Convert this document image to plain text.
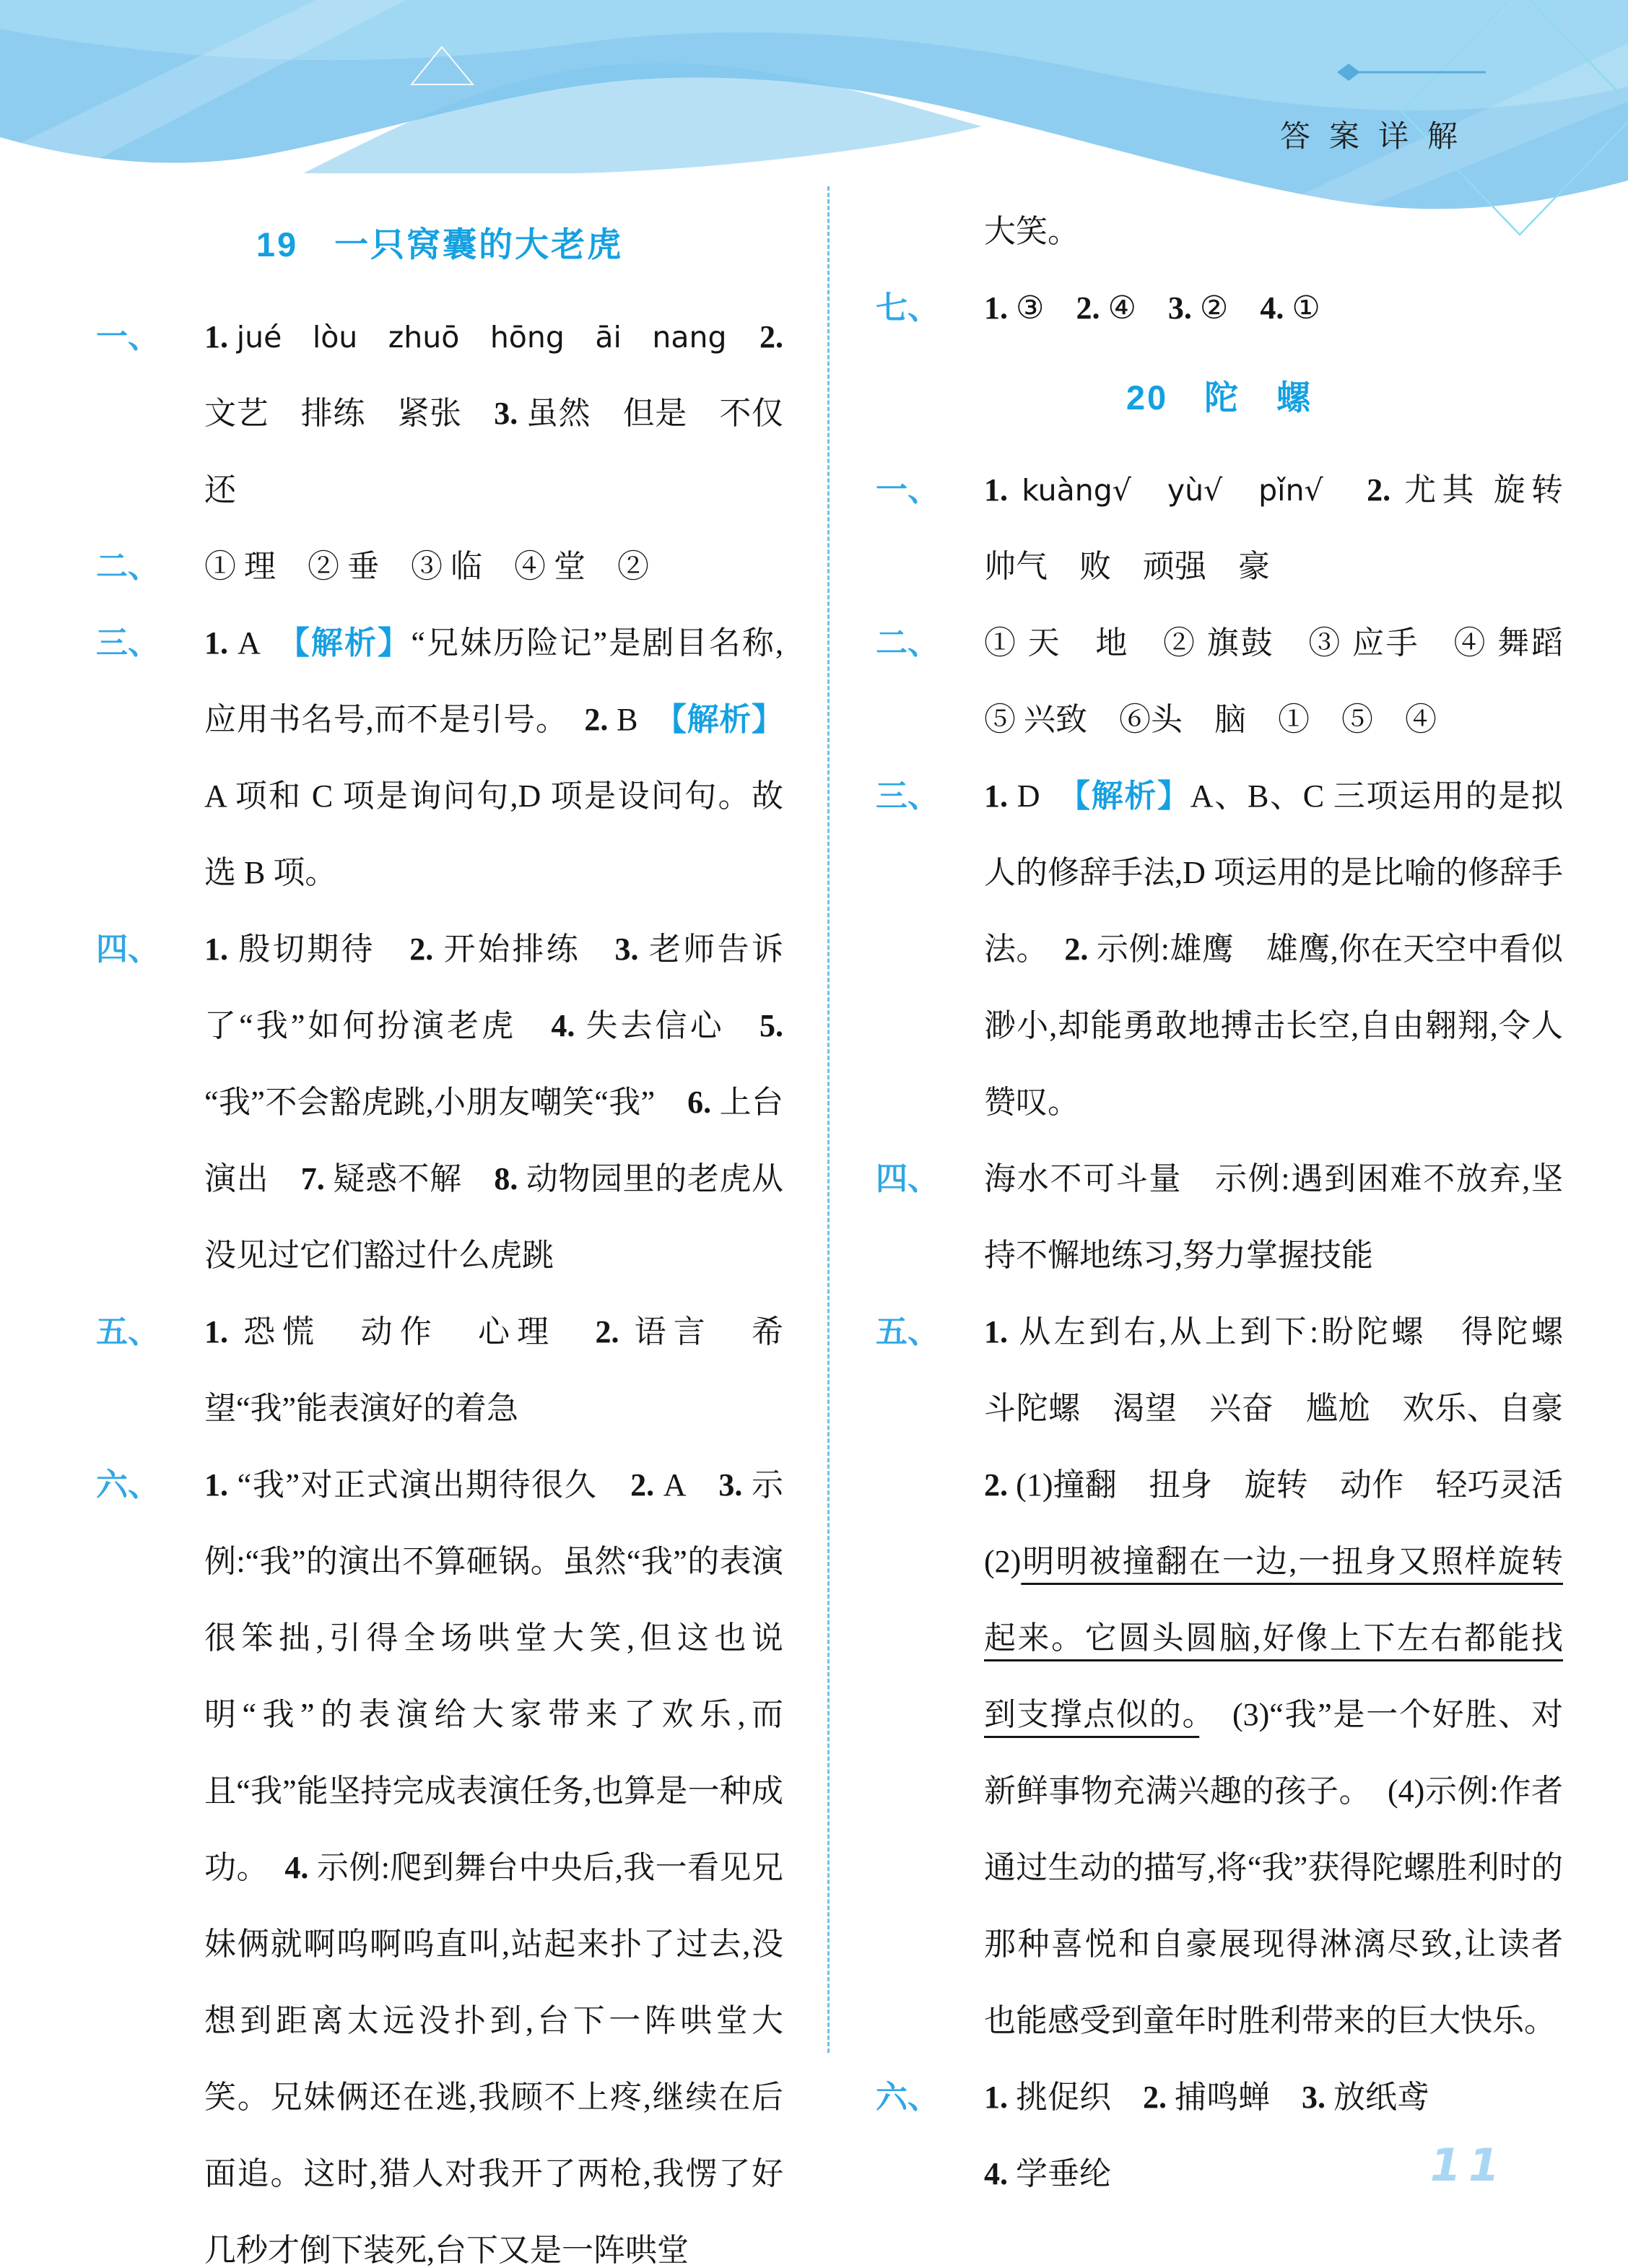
答案详解
19　一只窝囊的大老虎
一、	1. jué lòu zhuō hōng āi nang　 2. 文艺　排练　紧张　3. 虽然　但是　不仅　还
二、	① 理　② 垂　③ 临　④ 堂　②
三、	1. A　【解析】“兄妹历险记”是剧目名称,应用书名号,而不是引号。　2. B　【解析】A 项和 C 项是询问句,D 项是设问句。故选 B 项。
四、	1. 殷切期待　2. 开始排练　3. 老师告诉了“我”如何扮演老虎　4. 失去信心　5. “我”不会豁虎跳,小朋友嘲笑“我”　6. 上台演出　7. 疑惑不解　8. 动物园里的老虎从没见过它们豁过什么虎跳
五、	1. 恐慌　动作　心理　2. 语言　希望“我”能表演好的着急
六、	1. “我”对正式演出期待很久　2. A　3. 示例:“我”的演出不算砸锅。虽然“我”的表演很笨拙,引得全场哄堂大笑,但这也说明“我”的表演给大家带来了欢乐,而且“我”能坚持完成表演任务,也算是一种成功。　4. 示例:爬到舞台中央后,我一看见兄妹俩就啊呜啊呜直叫,站起来扑了过去,没想到距离太远没扑到,台下一阵哄堂大笑。兄妹俩还在逃,我顾不上疼,继续在后面追。这时,猎人对我开了两枪,我愣了好几秒才倒下装死,台下又是一阵哄堂
大笑。
七、	1. ③　2. ④　3. ②　4. ①
20　陀　螺
一、	1. kuàng√ yù√ pǐn√　 2. 尤其 旋转　帅气　败　顽强　豪
二、	① 天　地　② 旗鼓　③ 应手　④ 舞蹈　⑤ 兴致　⑥头　脑　①　⑤　④
三、	1. D　【解析】A、B、C 三项运用的是拟人的修辞手法,D 项运用的是比喻的修辞手法。　2. 示例:雄鹰　雄鹰,你在天空中看似渺小,却能勇敢地搏击长空,自由翱翔,令人赞叹。
四、	海水不可斗量　示例:遇到困难不放弃,坚持不懈地练习,努力掌握技能
五、	1. 从左到右,从上到下:盼陀螺　得陀螺　斗陀螺　渴望　兴奋　尴尬　欢乐、自豪　2. (1)撞翻　扭身　旋转　动作　轻巧灵活　(2)明明被撞翻在一边,一扭身又照样旋转起来。它圆头圆脑,好像上下左右都能找到支撑点似的。　(3)“我”是一个好胜、对新鲜事物充满兴趣的孩子。　(4)示例:作者通过生动的描写,将“我”获得陀螺胜利时的那种喜悦和自豪展现得淋漓尽致,让读者也能感受到童年时胜利带来的巨大快乐。
六、	1. 挑促织　2. 捕鸣蝉　3. 放纸鸢
4. 学垂纶	11
